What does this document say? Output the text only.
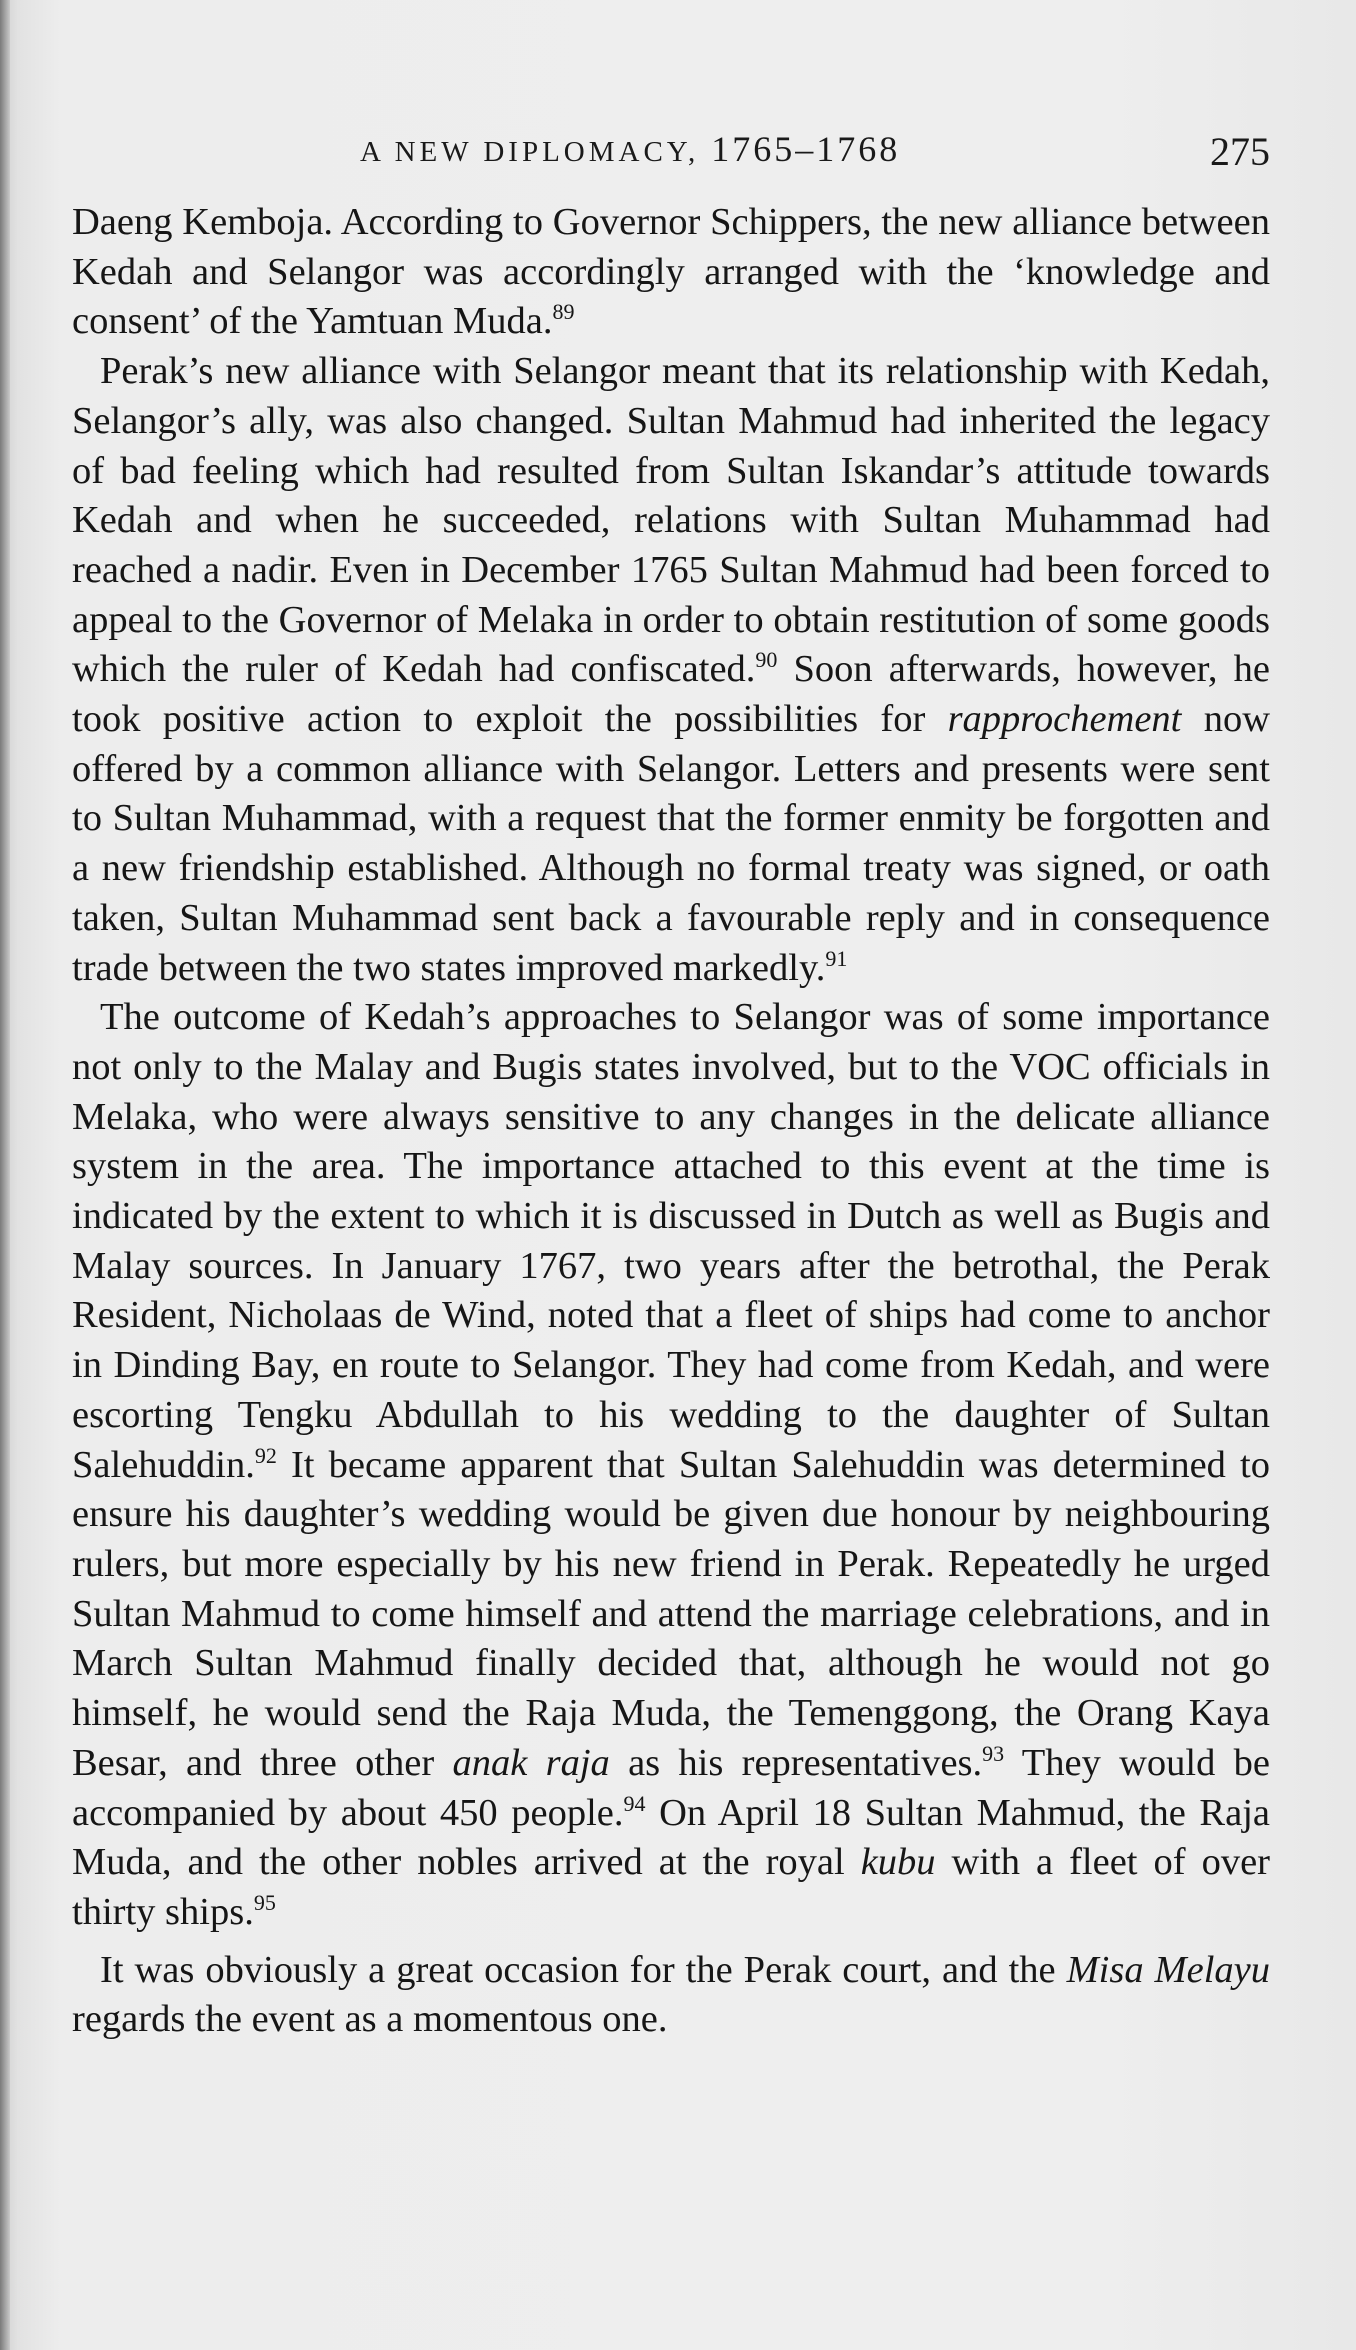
A NEW DIPLOMACY, 1765–1768	275

Daeng Kemboja. According to Governor Schippers, the new alliance between Kedah and Selangor was accordingly arranged with the ‘knowledge and consent’ of the Yamtuan Muda.$^{89}$

Perak’s new alliance with Selangor meant that its relationship with Kedah, Selangor’s ally, was also changed. Sultan Mahmud had inherited the legacy of bad feeling which had resulted from Sultan Iskandar’s attitude towards Kedah and when he succeeded, relations with Sultan Muhammad had reached a nadir. Even in December 1765 Sultan Mahmud had been forced to appeal to the Governor of Melaka in order to obtain restitution of some goods which the ruler of Kedah had confiscated.$^{90}$ Soon afterwards, however, he took positive action to exploit the possibilities for rapprochement now offered by a common alliance with Selangor. Letters and presents were sent to Sultan Muhammad, with a request that the former enmity be forgotten and a new friendship established. Although no formal treaty was signed, or oath taken, Sultan Muhammad sent back a favourable reply and in consequence trade between the two states improved markedly.$^{91}$

The outcome of Kedah’s approaches to Selangor was of some importance not only to the Malay and Bugis states involved, but to the VOC officials in Melaka, who were always sensitive to any changes in the delicate alliance system in the area. The importance attached to this event at the time is indicated by the extent to which it is discussed in Dutch as well as Bugis and Malay sources. In January 1767, two years after the betrothal, the Perak Resident, Nicholaas de Wind, noted that a fleet of ships had come to anchor in Dinding Bay, en route to Selangor. They had come from Kedah, and were escorting Tengku Abdullah to his wedding to the daughter of Sultan Salehuddin.$^{92}$ It became apparent that Sultan Salehuddin was determined to ensure his daughter’s wedding would be given due honour by neighbouring rulers, but more especially by his new friend in Perak. Repeatedly he urged Sultan Mahmud to come himself and attend the marriage celebrations, and in March Sultan Mahmud finally decided that, although he would not go himself, he would send the Raja Muda, the Temenggong, the Orang Kaya Besar, and three other anak raja as his representatives.$^{93}$ They would be accompanied by about 450 people.$^{94}$ On April 18 Sultan Mahmud, the Raja Muda, and the other nobles arrived at the royal kubu with a fleet of over thirty ships.$^{95}$

It was obviously a great occasion for the Perak court, and the Misa Melayu regards the event as a momentous one.
